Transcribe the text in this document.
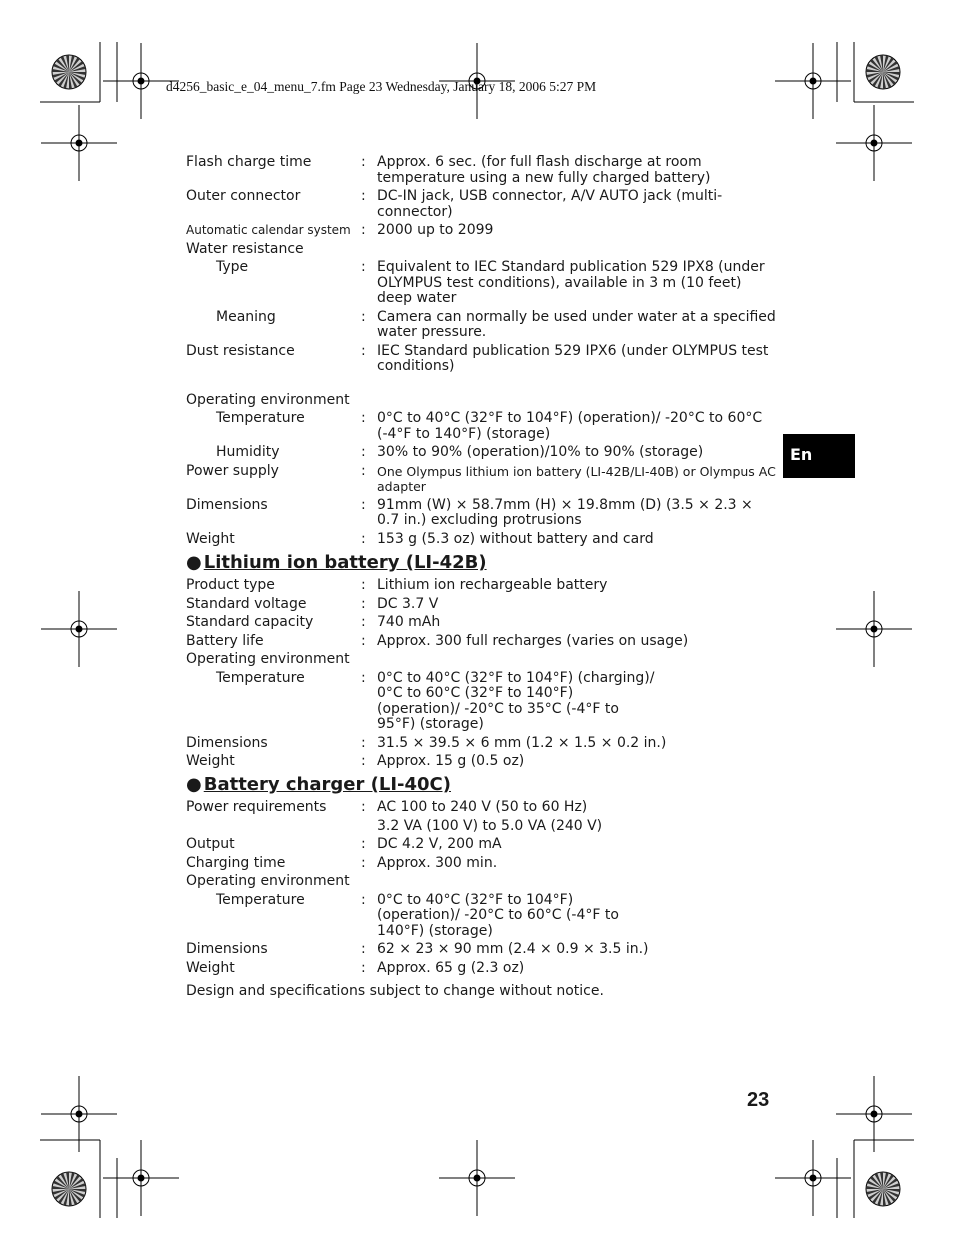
d4256_basic_e_04_menu_7.fm Page 23 Wednesday, January 18, 2006 5:27 PM
Flash charge time	: Approx. 6 sec. (for full flash discharge at room temperature using a new fully charged battery)
Outer connector	: DC-IN jack, USB connector, A/V AUTO jack (multi-connector)
Automatic calendar system : 2000 up to 2099
Water resistance
Type	: Equivalent to IEC Standard publication 529 IPX8 (under OLYMPUS test conditions), available in 3 m (10 feet) deep water
Meaning	: Camera can normally be used under water at a specified water pressure.
Dust resistance	: IEC Standard publication 529 IPX6 (under OLYMPUS test conditions)
Operating environment
Temperature	: 0°C to 40°C (32°F to 104°F) (operation)/ -20°C to 60°C (-4°F to 140°F) (storage)
Humidity	: 30% to 90% (operation)/10% to 90% (storage)
Power supply	: One Olympus lithium ion battery (LI-42B/LI-40B) or Olympus AC adapter
Dimensions	: 91mm (W) × 58.7mm (H) × 19.8mm (D) (3.5 × 2.3 × 0.7 in.) excluding protrusions
Weight	: 153 g (5.3 oz) without battery and card
● Lithium ion battery (LI-42B)
Product type	: Lithium ion rechargeable battery
Standard voltage	: DC 3.7 V
Standard capacity	: 740 mAh
Battery life	: Approx. 300 full recharges (varies on usage)
Operating environment
Temperature	: 0°C to 40°C (32°F to 104°F) (charging)/ 0°C to 60°C (32°F to 140°F) (operation)/ -20°C to 35°C (-4°F to 95°F) (storage)
Dimensions	: 31.5 × 39.5 × 6 mm (1.2 × 1.5 × 0.2 in.)
Weight	: Approx. 15 g (0.5 oz)
● Battery charger (LI-40C)
Power requirements	: AC 100 to 240 V (50 to 60 Hz)
3.2 VA (100 V) to 5.0 VA (240 V)
Output	: DC 4.2 V, 200 mA
Charging time	: Approx. 300 min.
Operating environment
Temperature	: 0°C to 40°C (32°F to 104°F) (operation)/ -20°C to 60°C (-4°F to 140°F) (storage)
Dimensions	: 62 × 23 × 90 mm (2.4 × 0.9 × 3.5 in.)
Weight	: Approx. 65 g (2.3 oz)
Design and specifications subject to change without notice.
En
23
